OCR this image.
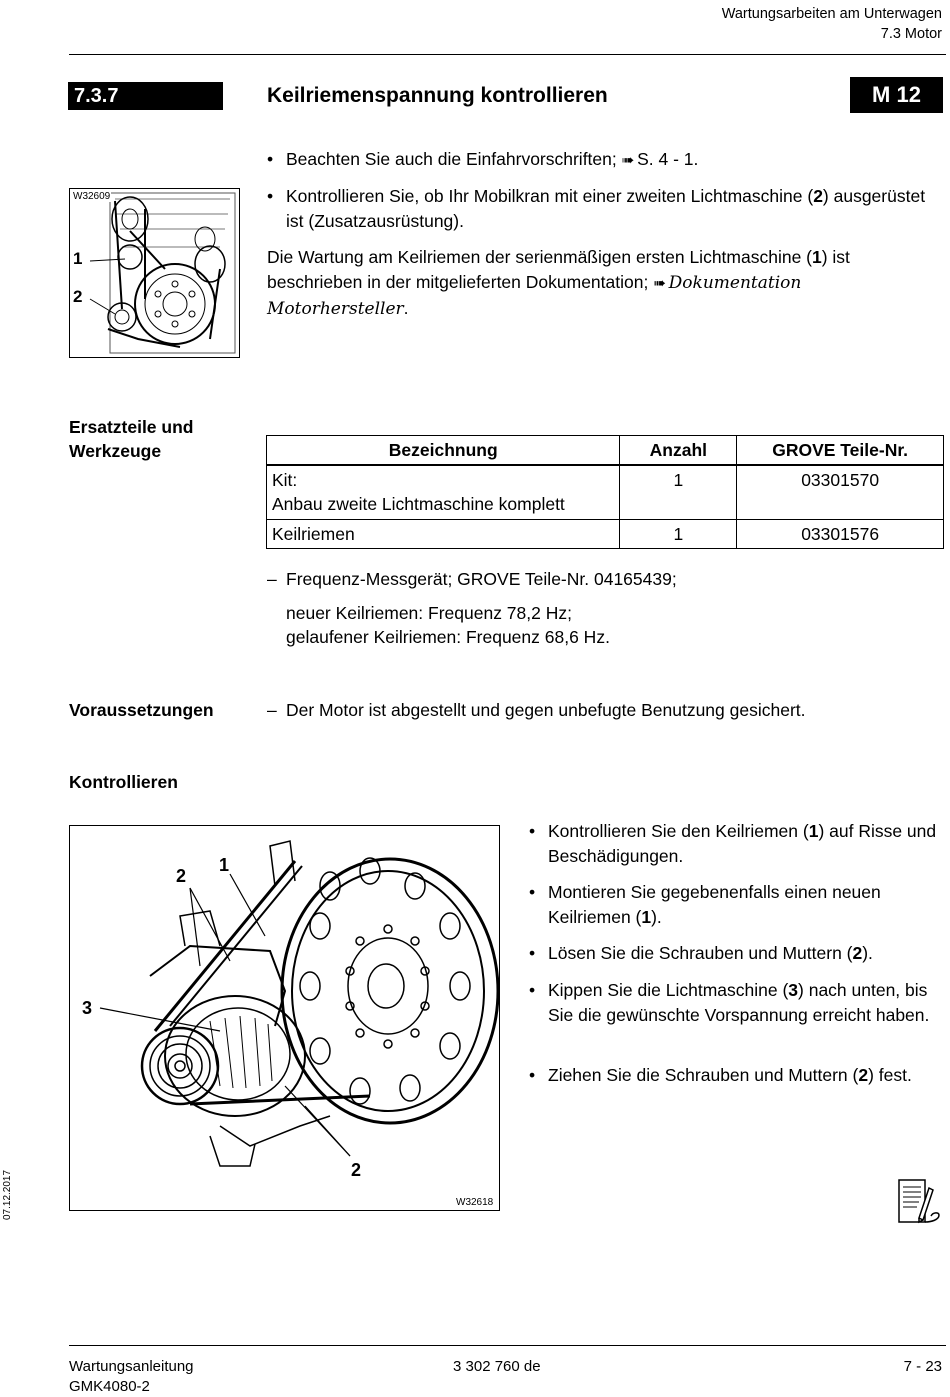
Wartungsarbeiten am Unterwagen
7.3 Motor
7.3.7	Keilriemenspannung kontrollieren	M 12
W32609
1
2
• Beachten Sie auch die Einfahrvorschriften; ➠ S. 4 - 1.
• Kontrollieren Sie, ob Ihr Mobilkran mit einer zweiten Lichtmaschine (2) ausgerüstet ist (Zusatzausrüstung).
Die Wartung am Keilriemen der serienmäßigen ersten Lichtmaschine (1) ist beschrieben in der mitgelieferten Dokumentation; ➠ Dokumentation Motorhersteller.
Ersatzteile und Werkzeuge	Bezeichnung	Anzahl	GROVE Teile-Nr.
Kit:
Anbau zweite Lichtmaschine komplett	1	03301570
Keilriemen	1	03301576
– Frequenz-Messgerät; GROVE Teile-Nr. 04165439;
neuer Keilriemen: Frequenz 78,2 Hz;
gelaufener Keilriemen: Frequenz 68,6 Hz.
Voraussetzungen	– Der Motor ist abgestellt und gegen unbefugte Benutzung gesichert.
Kontrollieren
2
1
3
2
W32618
• Kontrollieren Sie den Keilriemen (1) auf Risse und Beschädigungen.
• Montieren Sie gegebenenfalls einen neuen Keilriemen (1).
• Lösen Sie die Schrauben und Muttern (2).
• Kippen Sie die Lichtmaschine (3) nach unten, bis Sie die gewünschte Vorspannung erreicht haben.
• Ziehen Sie die Schrauben und Muttern (2) fest.
07.12.2017
Wartungsanleitung
GMK4080-2
3 302 760 de	7 - 23
